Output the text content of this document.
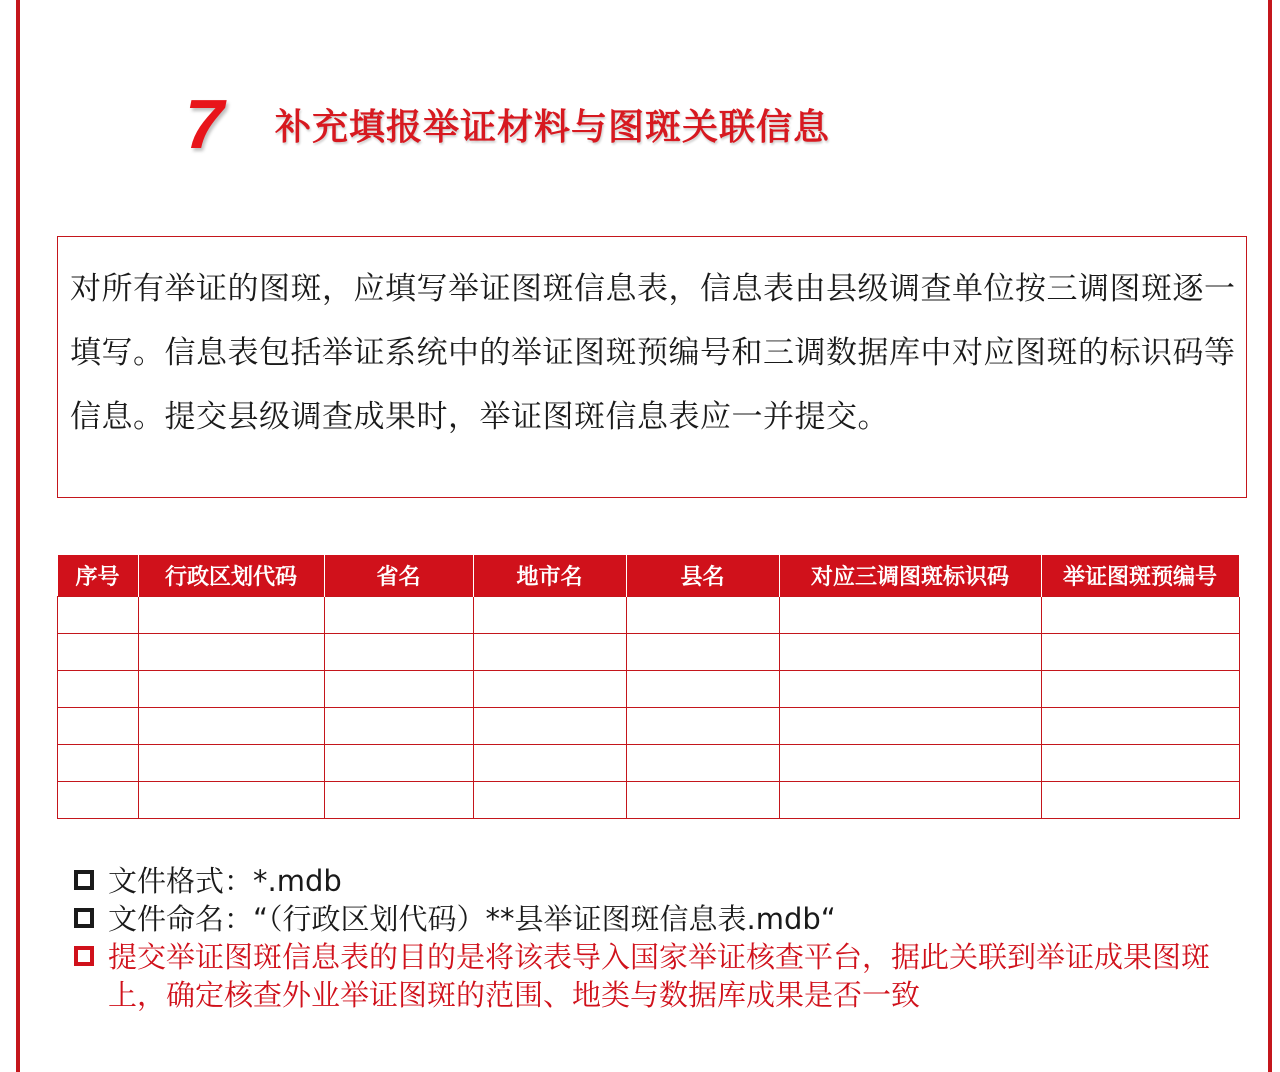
7	补充填报举证材料与图斑关联信息

对所有举证的图斑，应填写举证图斑信息表，信息表由县级调查单位按三调图斑逐一填写。信息表包括举证系统中的举证图斑预编号和三调数据库中对应图斑的标识码等信息。提交县级调查成果时，举证图斑信息表应一并提交。

序号	行政区划代码	省名	地市名	县名	对应三调图斑标识码	举证图斑预编号

文件格式：*.mdb
文件命名：“（行政区划代码）**县举证图斑信息表.mdb“
提交举证图斑信息表的目的是将该表导入国家举证核查平台，据此关联到举证成果图斑上，确定核查外业举证图斑的范围、地类与数据库成果是否一致
